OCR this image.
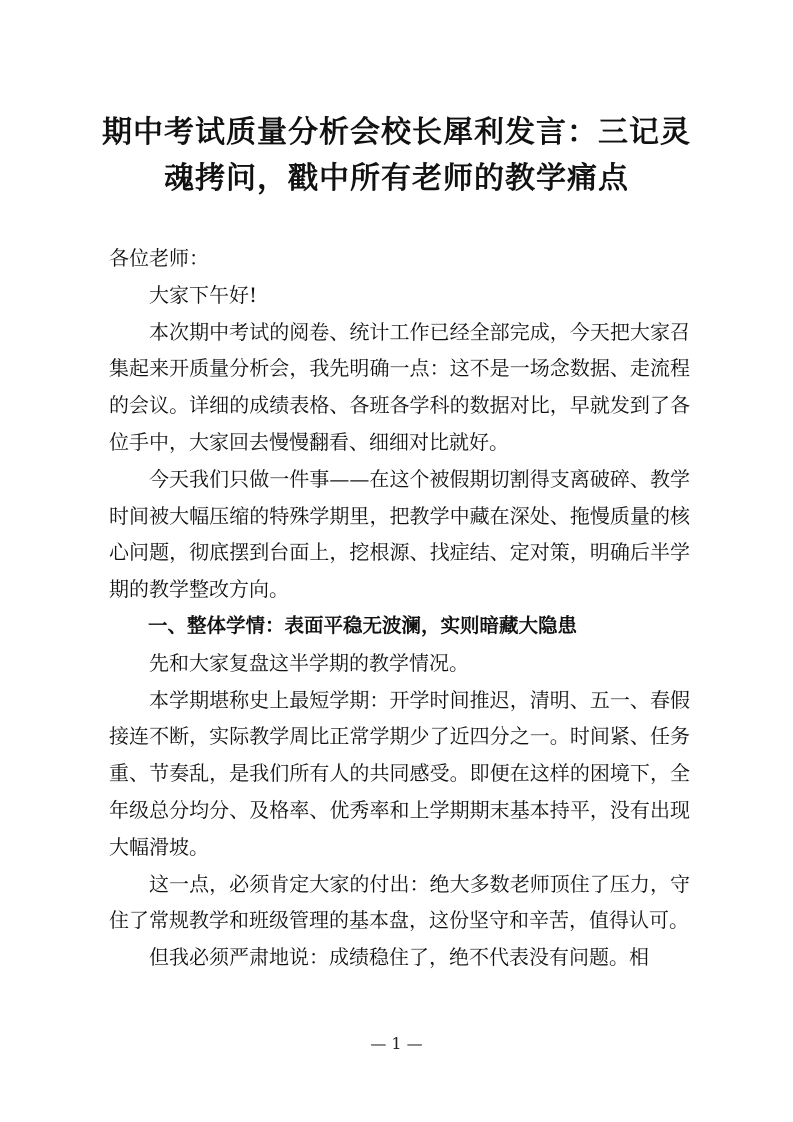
期中考试质量分析会校长犀利发言：三记灵魂拷问，戳中所有老师的教学痛点

各位老师：

大家下午好!

本次期中考试的阅卷、统计工作已经全部完成，今天把大家召集起来开质量分析会，我先明确一点：这不是一场念数据、走流程的会议。详细的成绩表格、各班各学科的数据对比，早就发到了各位手中，大家回去慢慢翻看、细细对比就好。

今天我们只做一件事——在这个被假期切割得支离破碎、教学时间被大幅压缩的特殊学期里，把教学中藏在深处、拖慢质量的核心问题，彻底摆到台面上，挖根源、找症结、定对策，明确后半学期的教学整改方向。

一、整体学情：表面平稳无波澜，实则暗藏大隐患

先和大家复盘这半学期的教学情况。

本学期堪称史上最短学期：开学时间推迟，清明、五一、春假接连不断，实际教学周比正常学期少了近四分之一。时间紧、任务重、节奏乱，是我们所有人的共同感受。即便在这样的困境下，全年级总分均分、及格率、优秀率和上学期期末基本持平，没有出现大幅滑坡。

这一点，必须肯定大家的付出：绝大多数老师顶住了压力，守住了常规教学和班级管理的基本盘，这份坚守和辛苦，值得认可。

但我必须严肃地说：成绩稳住了，绝不代表没有问题。相

— 1 —
